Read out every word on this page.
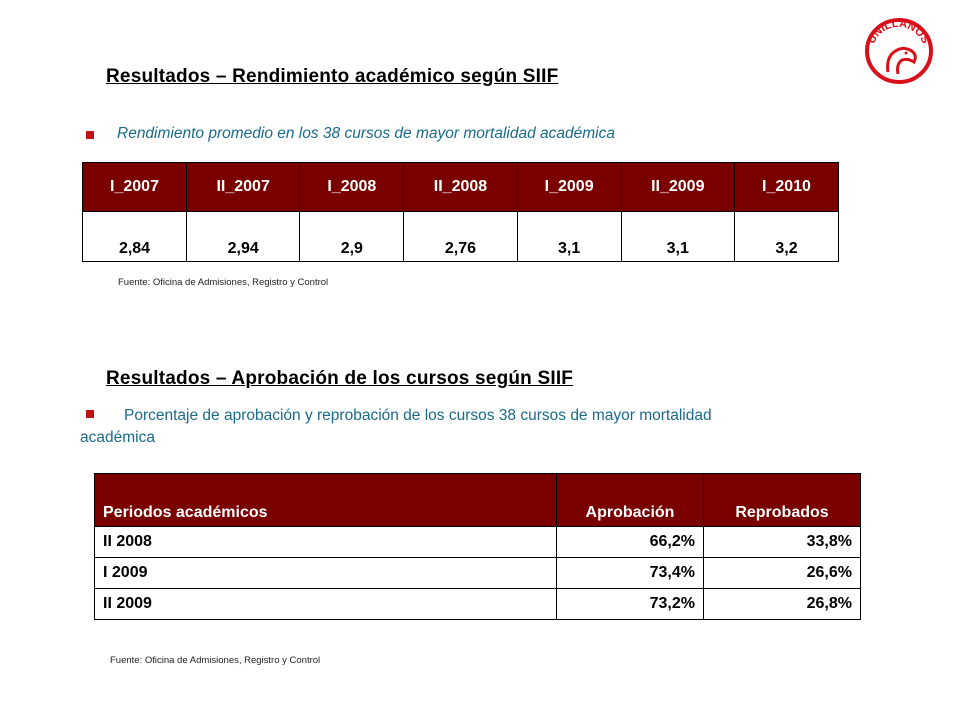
UNILLANOS
Resultados – Rendimiento académico según SIIF
Rendimiento promedio en los 38 cursos de mayor mortalidad académica
I_2007	II_2007	I_2008	II_2008	I_2009	II_2009	I_2010
2,84	2,94	2,9	2,76	3,1	3,1	3,2
Fuente: Oficina de Admisiones, Registro y Control
Resultados – Aprobación de los cursos según SIIF
Porcentaje de aprobación y reprobación de los cursos 38 cursos de mayor mortalidad
académica
Periodos académicos	Aprobación	Reprobados
II 2008	66,2%	33,8%
I 2009	73,4%	26,6%
II 2009	73,2%	26,8%
Fuente: Oficina de Admisiones, Registro y Control
